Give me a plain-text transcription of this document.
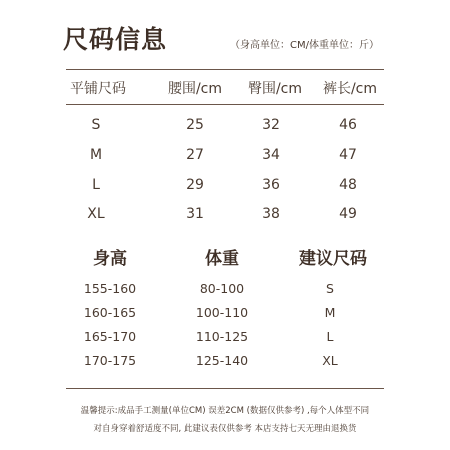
尺码信息	（身高单位：CM/体重单位：斤）
平铺尺码	腰围/cm	臀围/cm	裤长/cm
S	25	32	46
M	27	34	47
L	29	36	48
XL	31	38	49
身高	体重	建议尺码
155-160	80-100	S
160-165	100-110	M
165-170	110-125	L
170-175	125-140	XL
温馨提示:成品手工测量(单位CM) 误差2CM (数据仅供参考) ,每个人体型不同
对自身穿着舒适度不同, 此建议表仅供参考 本店支持七天无理由退换货
